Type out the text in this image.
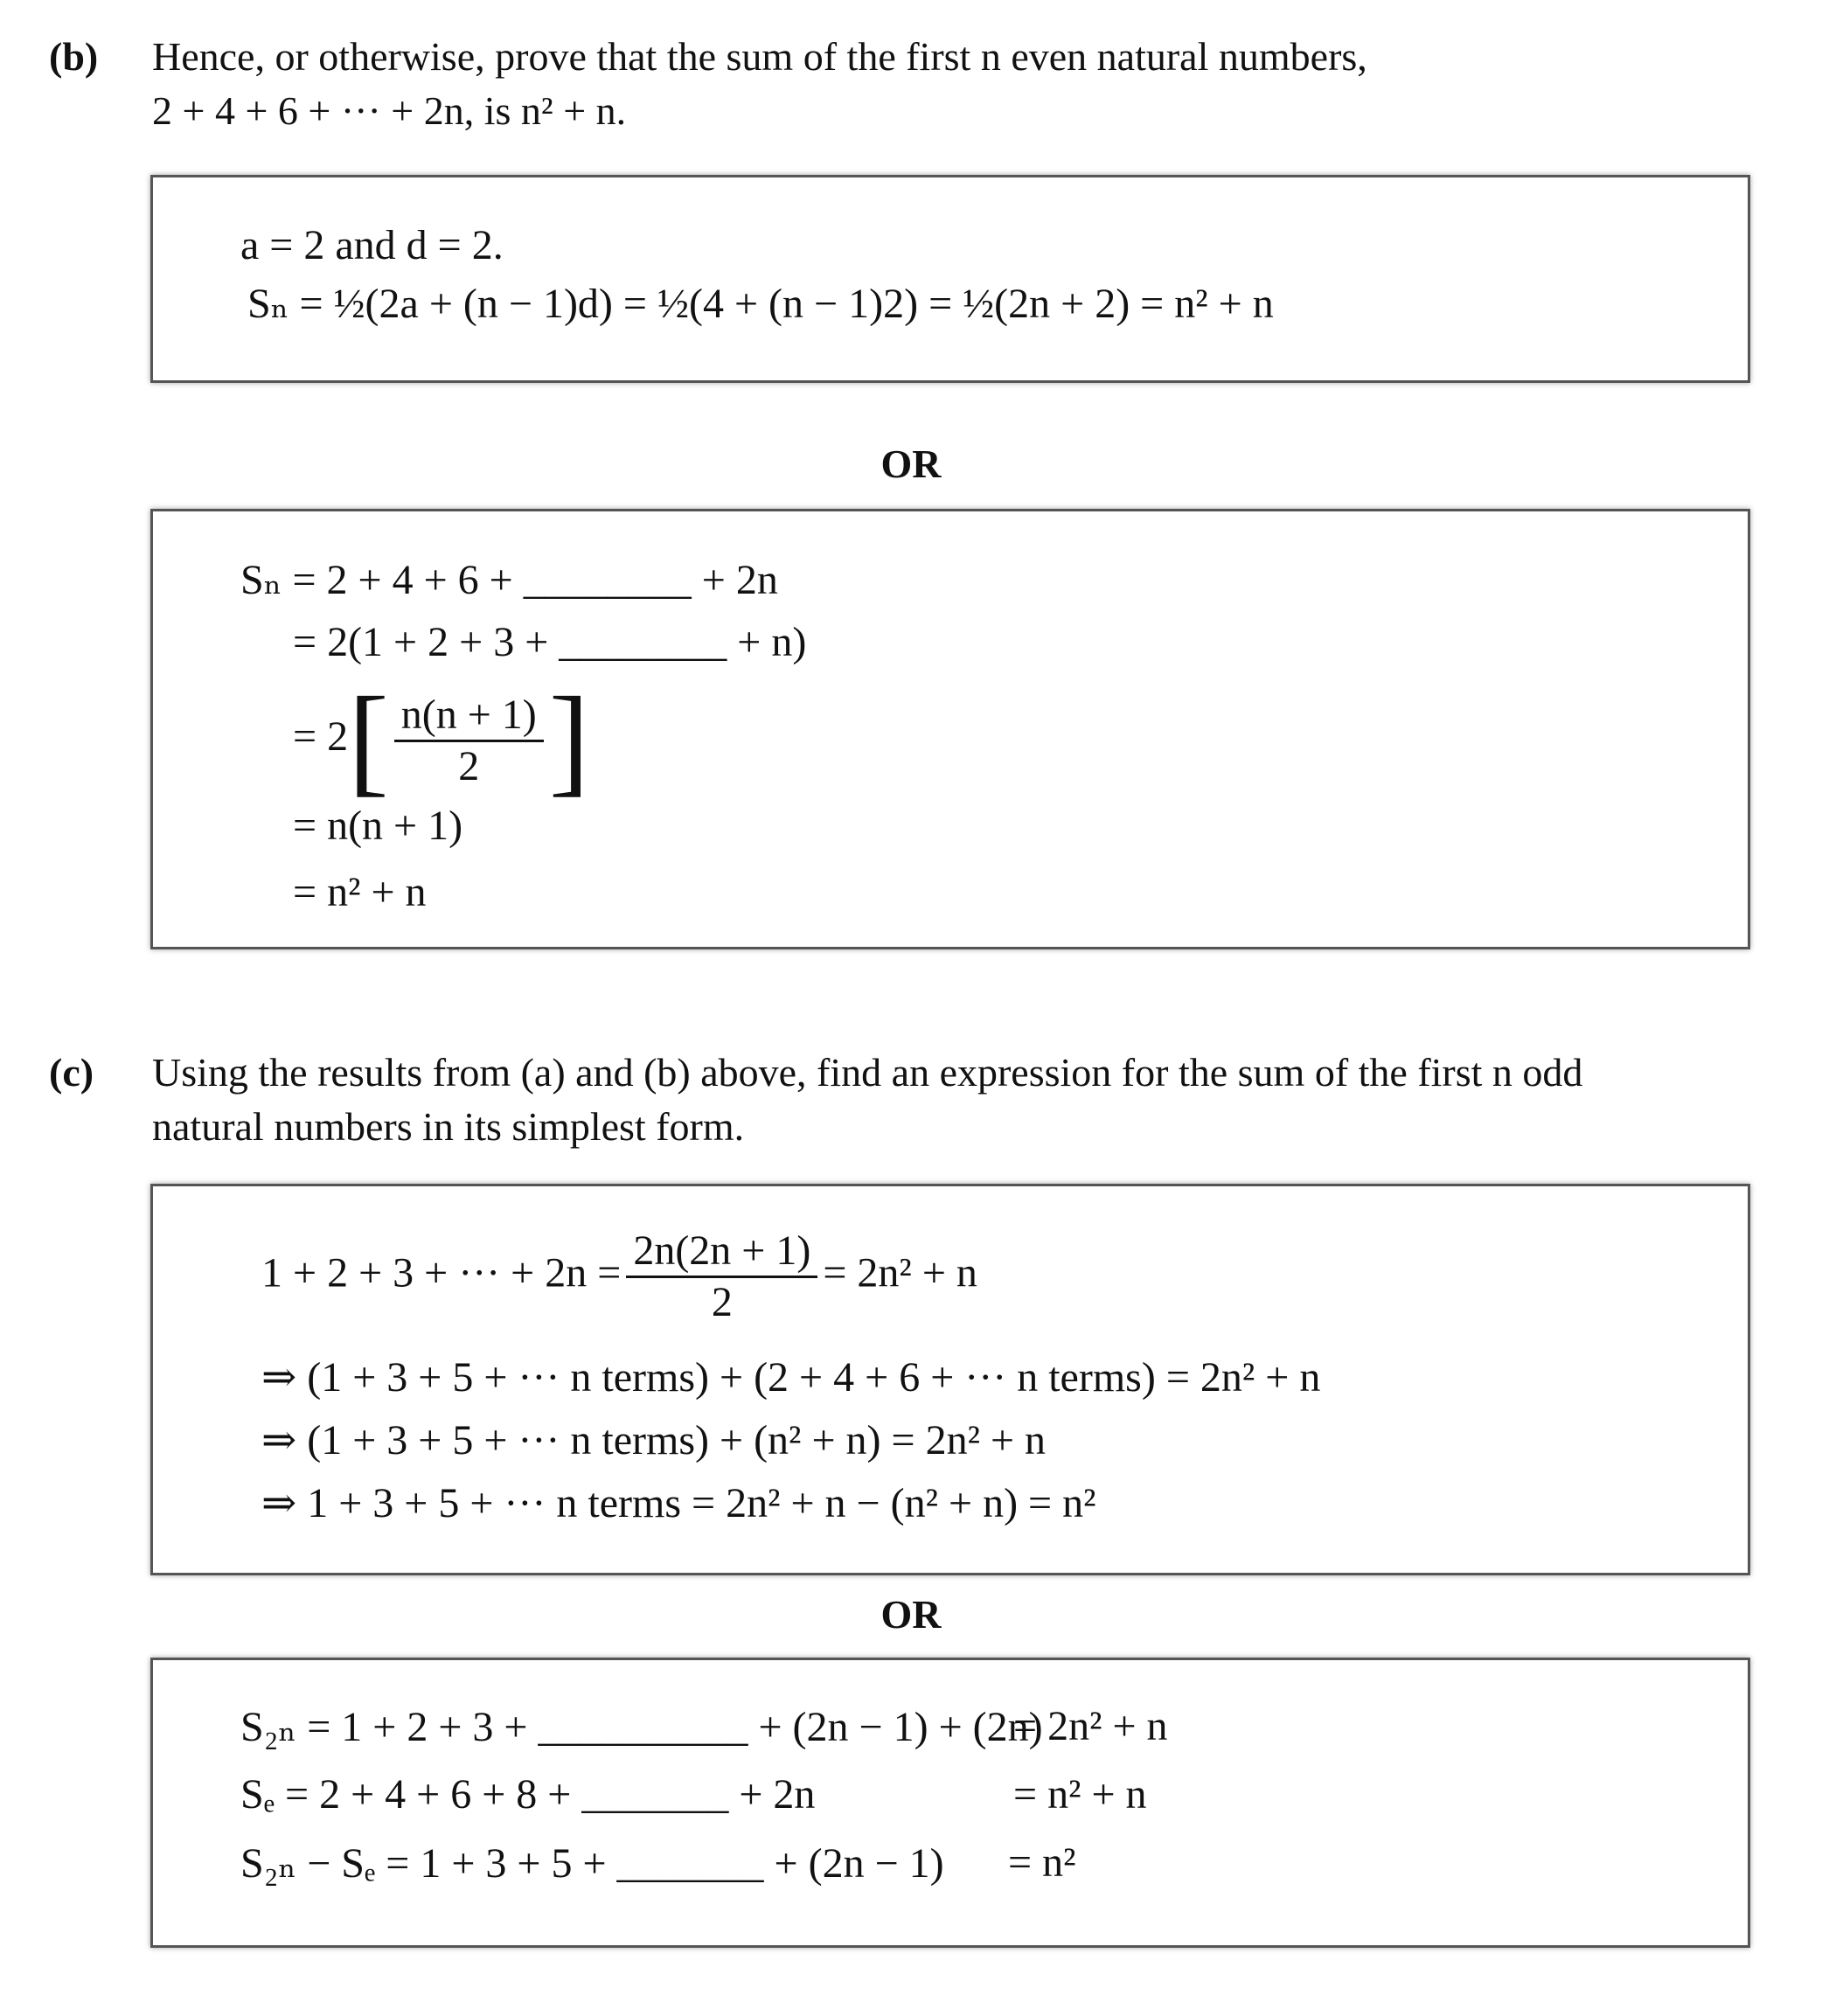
(b) Hence, or otherwise, prove that the sum of the first n even natural numbers,
2 + 4 + 6 + ··· + 2n, is n² + n.
a = 2 and d = 2.
Sₙ = ½(2a + (n − 1)d) = ½(4 + (n − 1)2) = ½(2n + 2) = n² + n
OR
Sₙ = 2 + 4 + 6 + ________ + 2n
= 2(1 + 2 + 3 + ________ + n)
= $2[ \frac{n(n + 1)}{2}$ ]
= n(n + 1)
= n² + n
(c) Using the results from (a) and (b) above, find an expression for the sum of the first n odd
natural numbers in its simplest form.
1 + 2 + 3 + ··· + $2n = \frac{2n(2n + 1)}{2} = 2n^2 + n$
⇒ (1 + 3 + 5 + ··· n terms) + (2 + 4 + 6 + ··· n terms) = 2n² + n
⇒ (1 + 3 + 5 + ··· n terms) + (n² + n) = 2n² + n
⇒ 1 + 3 + 5 + ··· n terms = 2n² + n − (n² + n) = n²
OR
S₂ₙ = 1 + 2 + 3 + __________ + (2n − 1) + (2n)
= 2n² + n
Sₑ = 2 + 4 + 6 + 8 + _______ + 2n	= n² + n
S₂ₙ − Sₑ = 1 + 3 + 5 + _______ + (2n − 1) = n²
